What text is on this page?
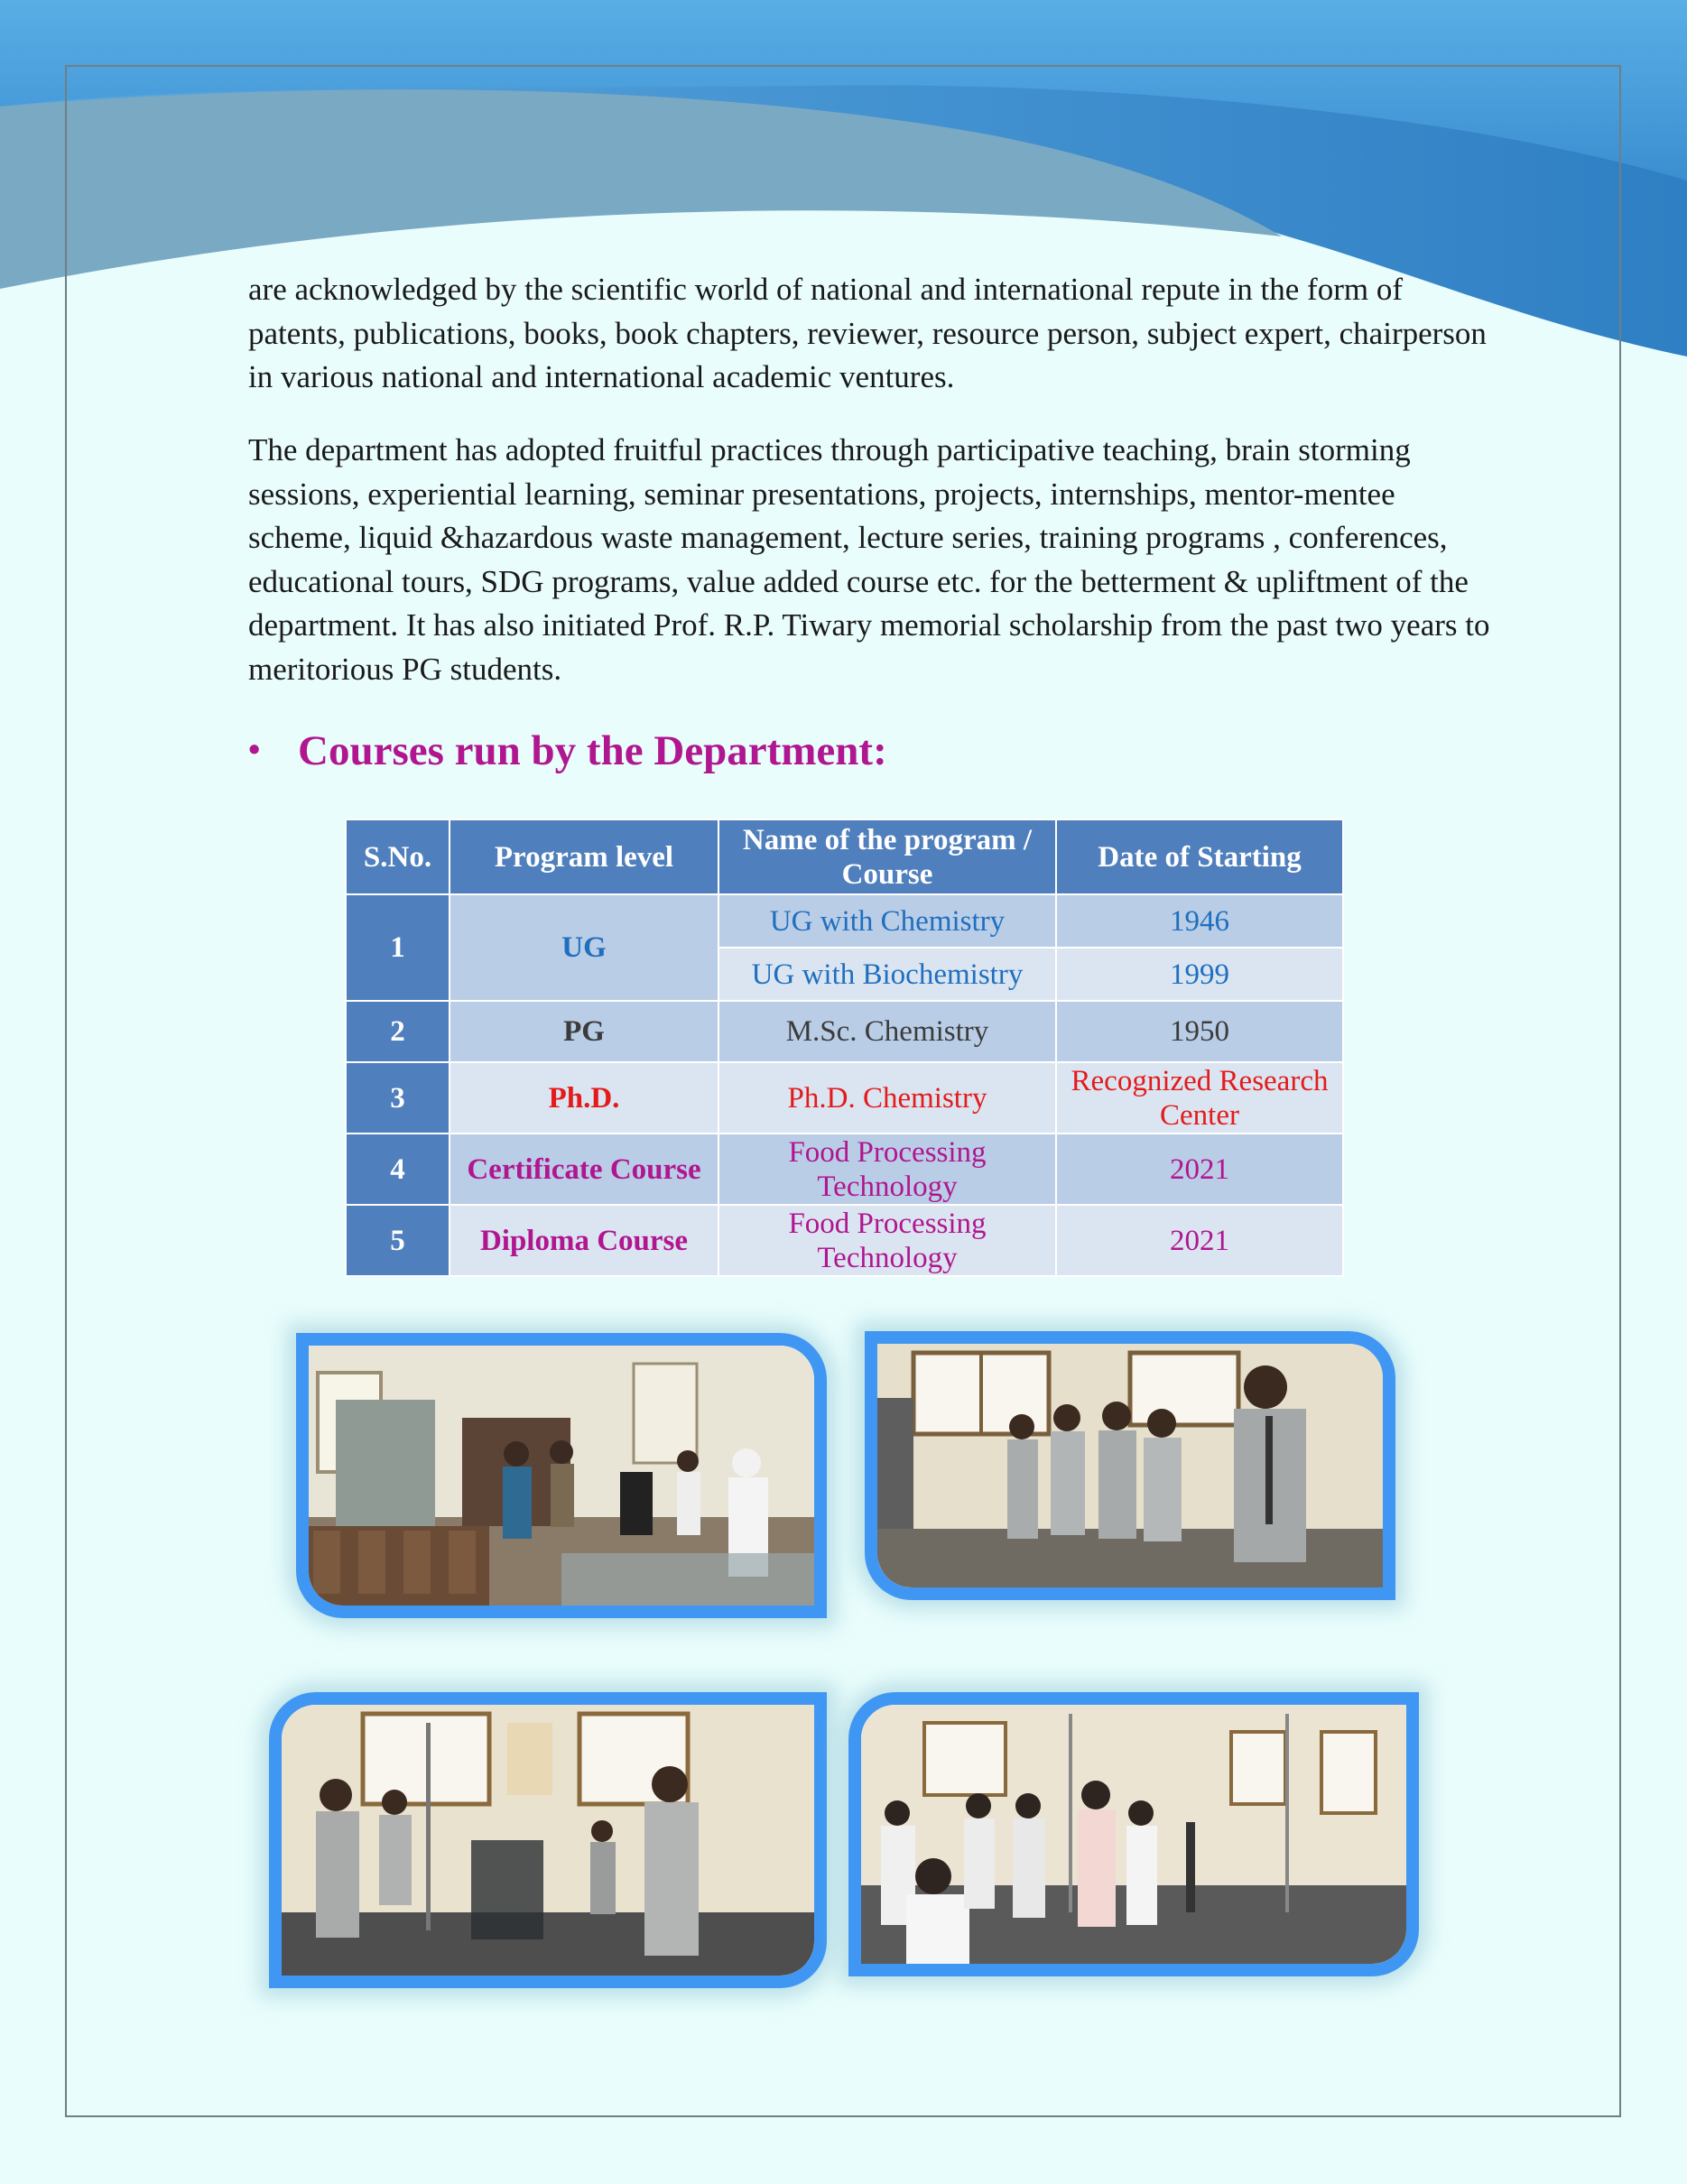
are acknowledged by the scientific world of national and international repute in the form of patents, publications, books, book chapters, reviewer, resource person, subject expert, chairperson in various national and international academic ventures.

The department has adopted fruitful practices through participative teaching, brain storming sessions, experiential learning, seminar presentations, projects, internships, mentor-mentee scheme, liquid &hazardous waste management, lecture series, training programs , conferences, educational tours, SDG programs, value added course etc. for the betterment & upliftment of the department. It has also initiated Prof. R.P. Tiwary memorial scholarship from the past two years to meritorious PG students.

• Courses run by the Department:
S.No.	Program level	Name of the program / Course	Date of Starting
1	UG	UG with Chemistry	1946
		UG with Biochemistry	1999
2	PG	M.Sc. Chemistry	1950
3	Ph.D.	Ph.D. Chemistry	Recognized Research Center
4	Certificate Course	Food Processing Technology	2021
5	Diploma Course	Food Processing Technology	2021
